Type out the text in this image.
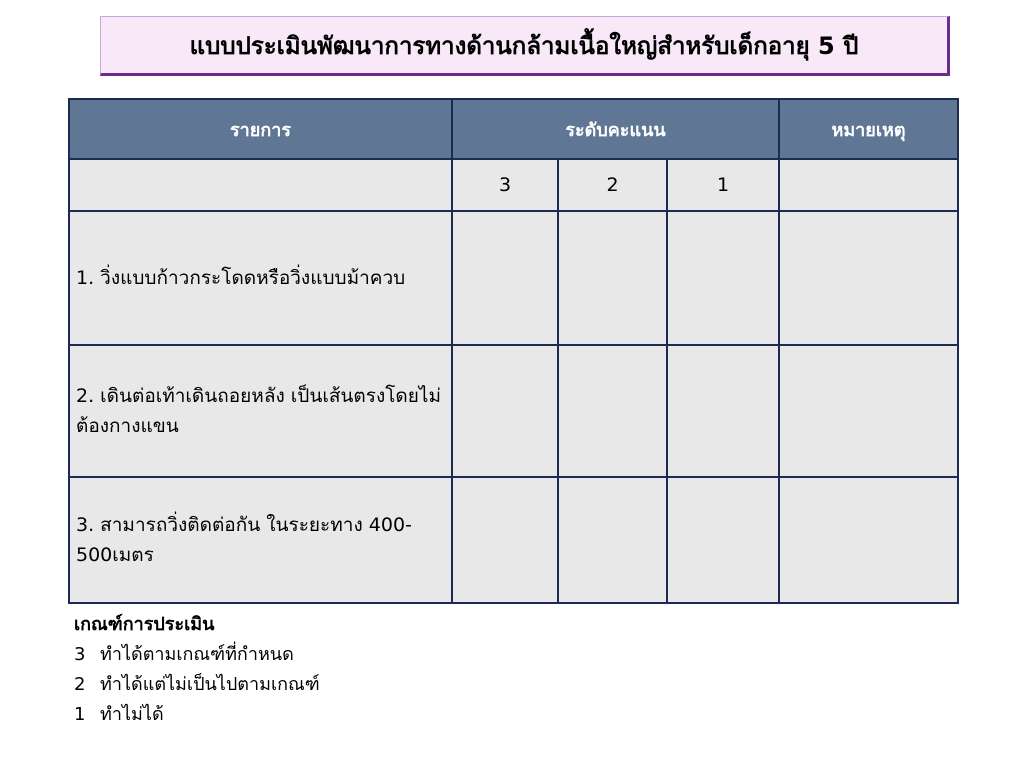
แบบประเมินพัฒนาการทางด้านกล้ามเนื้อใหญ่สำหรับเด็กอายุ 5 ปี
รายการ	ระดับคะแนน			หมายเหตุ
	3	2	1	
1. วิ่งแบบก้าวกระโดดหรือวิ่งแบบม้าควบ				
2. เดินต่อเท้าเดินถอยหลัง เป็นเส้นตรงโดยไม่ต้องกางแขน				
3. สามารถวิ่งติดต่อกัน ในระยะทาง 400-500เมตร				
เกณฑ์การประเมิน
3 ทำได้ตามเกณฑ์ที่กำหนด
2 ทำได้แต่ไม่เป็นไปตามเกณฑ์
1 ทำไม่ได้
